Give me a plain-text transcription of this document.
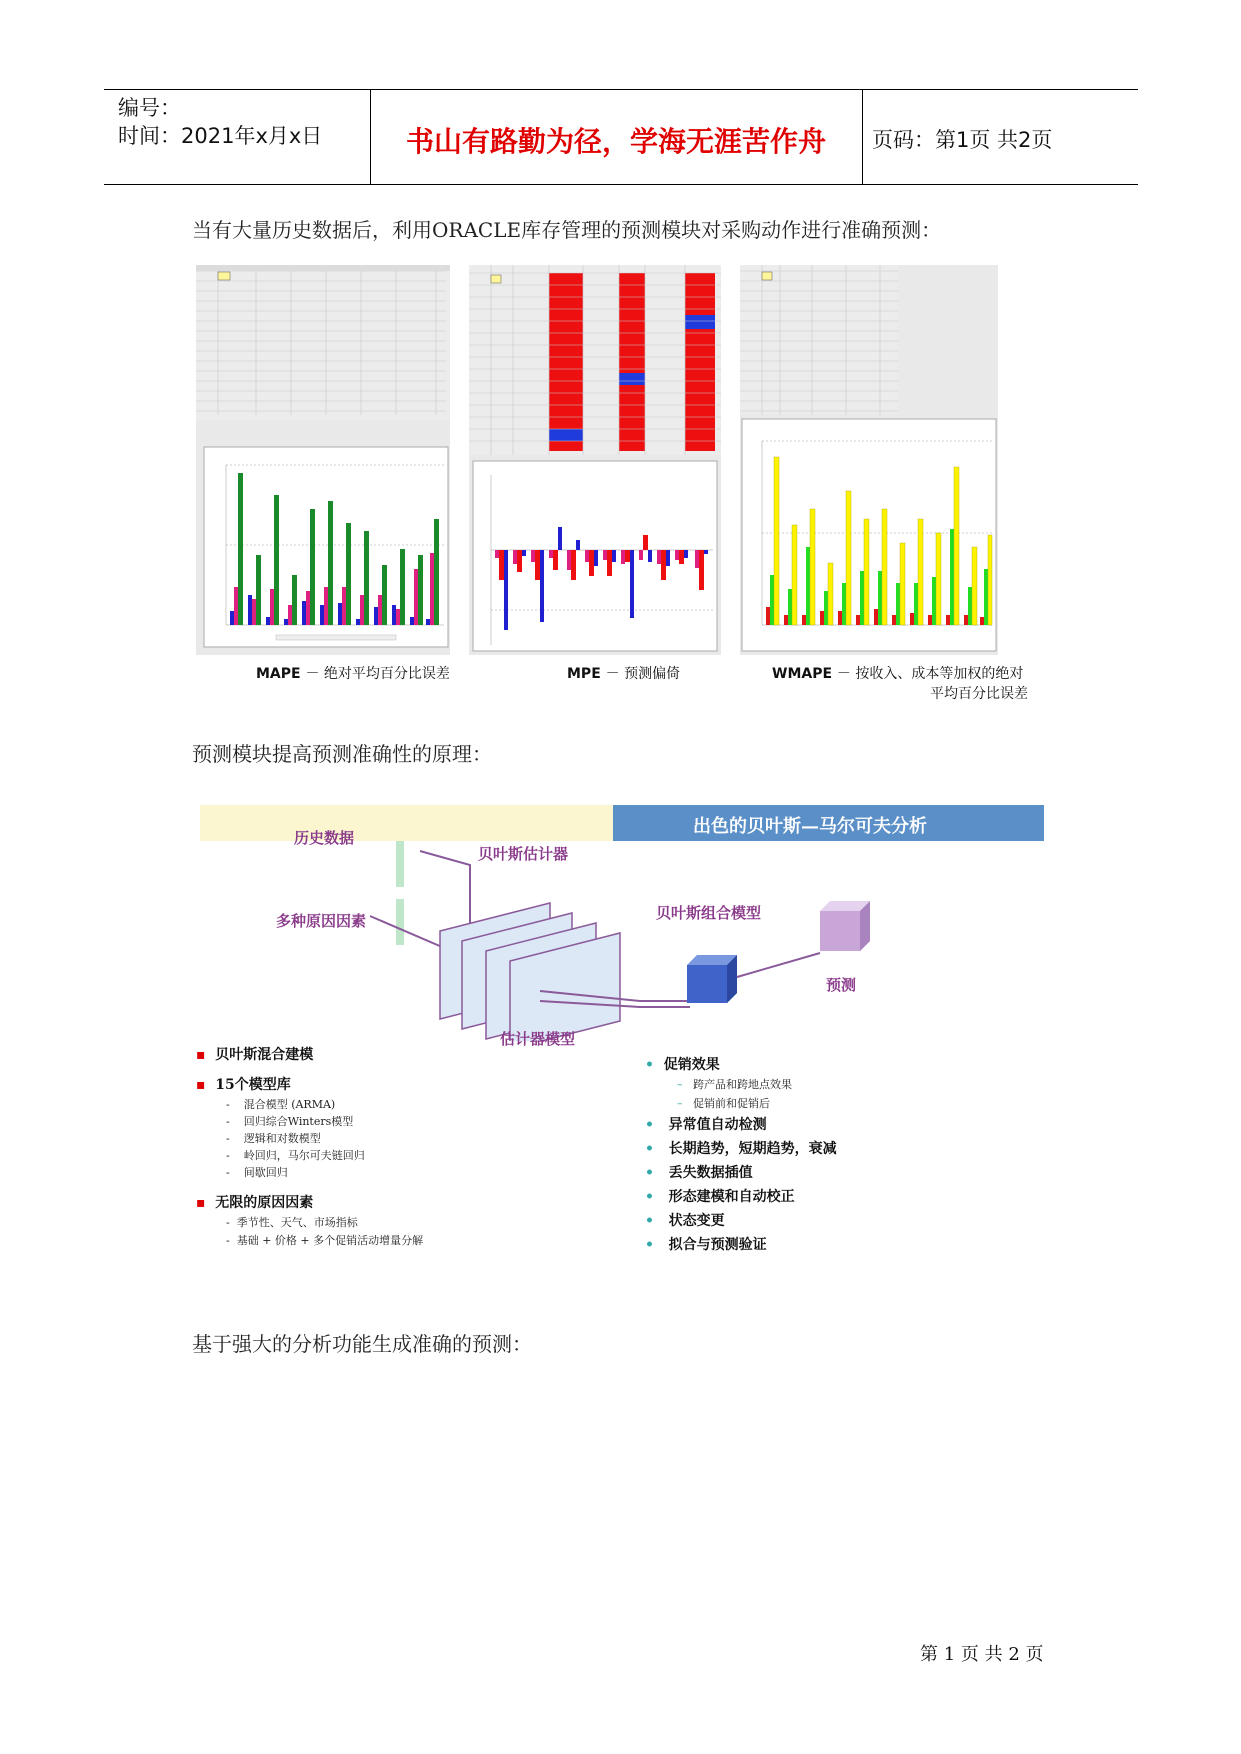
编号：
时间：2021年x月x日	书山有路勤为径，学海无涯苦作舟	页码：第1页 共2页
当有大量历史数据后，利用ORACLE库存管理的预测模块对采购动作进行准确预测：
MAPE － 绝对平均百分比误差	MPE － 预测偏倚	WMAPE － 按收入、成本等加权的绝对
平均百分比误差
预测模块提高预测准确性的原理：
出色的贝叶斯—马尔可夫分析
历史数据
贝叶斯估计器
多种原因因素	贝叶斯组合模型
预测
估计器模型
▪ 贝叶斯混合建模
▪ 15个模型库
-    混合模型 (ARMA)
-    回归综合Winters模型
-    逻辑和对数模型
-    岭回归，马尔可夫链回归
-    间歇回归
▪ 无限的原因因素
-  季节性、天气、市场指标
-  基础 + 价格 + 多个促销活动增量分解
• 促销效果
– 跨产品和跨地点效果
– 促销前和促销后
• 异常值自动检测
• 长期趋势，短期趋势，衰减
• 丢失数据插值
• 形态建模和自动校正
• 状态变更
• 拟合与预测验证
基于强大的分析功能生成准确的预测：
第 1 页 共 2 页
